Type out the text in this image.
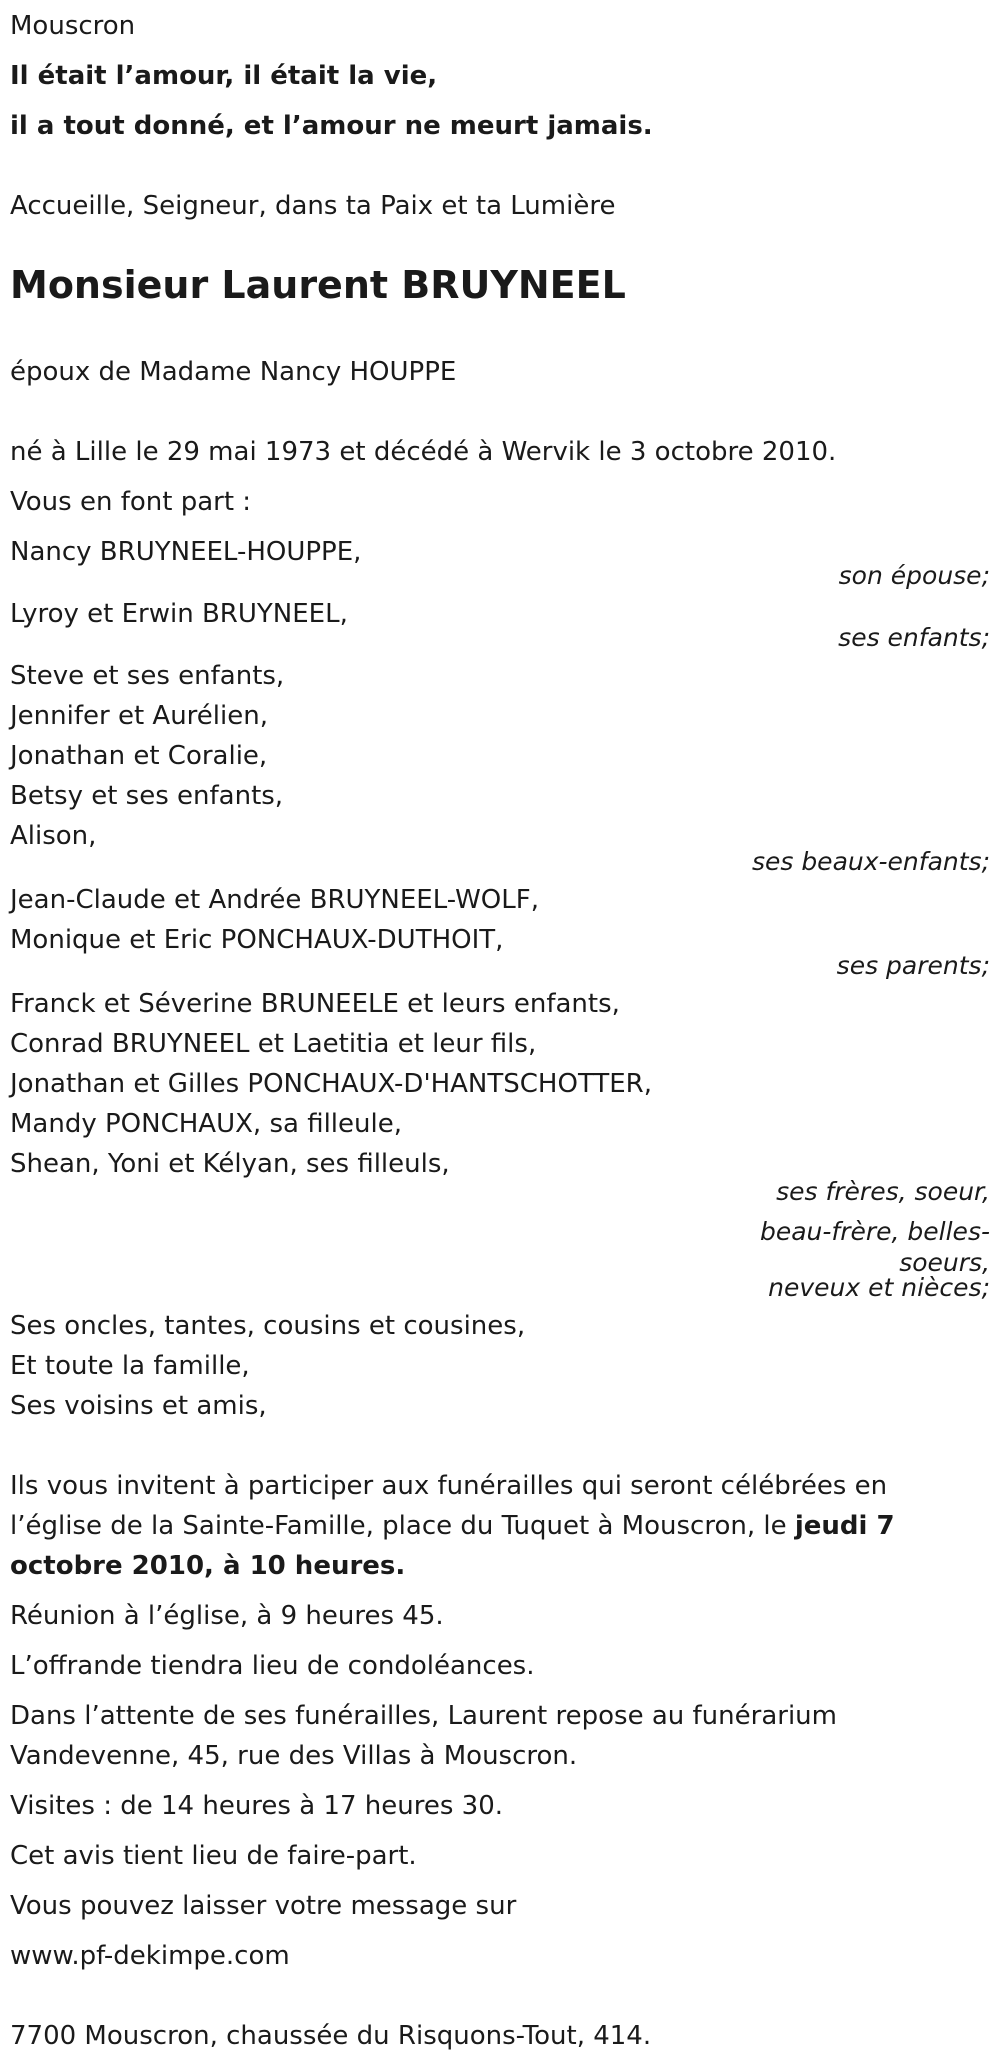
Mouscron

Il était l’amour, il était la vie,

il a tout donné, et l’amour ne meurt jamais.

Accueille, Seigneur, dans ta Paix et ta Lumière

Monsieur Laurent BRUYNEEL

époux de Madame Nancy HOUPPE

né à Lille le 29 mai 1973 et décédé à Wervik le 3 octobre 2010.

Vous en font part :

Nancy BRUYNEEL-HOUPPE,

son épouse;

Lyroy et Erwin BRUYNEEL,

ses enfants;

Steve et ses enfants,
Jennifer et Aurélien,
Jonathan et Coralie,
Betsy et ses enfants,
Alison,

ses beaux-enfants;

Jean-Claude et Andrée BRUYNEEL-WOLF,
Monique et Eric PONCHAUX-DUTHOIT,

ses parents;

Franck et Séverine BRUNEELE et leurs enfants,
Conrad BRUYNEEL et Laetitia et leur fils,
Jonathan et Gilles PONCHAUX-D'HANTSCHOTTER,
Mandy PONCHAUX, sa filleule,
Shean, Yoni et Kélyan, ses filleuls,
ses frères, soeur,
beau-frère, belles-
soeurs,
neveux et nièces;
Ses oncles, tantes, cousins et cousines,
Et toute la famille,
Ses voisins et amis,
Ils vous invitent à participer aux funérailles qui seront célébrées en
l’église de la Sainte-Famille, place du Tuquet à Mouscron, le jeudi 7
octobre 2010, à 10 heures.

Réunion à l’église, à 9 heures 45.

L’offrande tiendra lieu de condoléances.

Dans l’attente de ses funérailles, Laurent repose au funérarium
Vandevenne, 45, rue des Villas à Mouscron.

Visites : de 14 heures à 17 heures 30.

Cet avis tient lieu de faire-part.

Vous pouvez laisser votre message sur

www.pf-dekimpe.com

7700 Mouscron, chaussée du Risquons-Tout, 414.
